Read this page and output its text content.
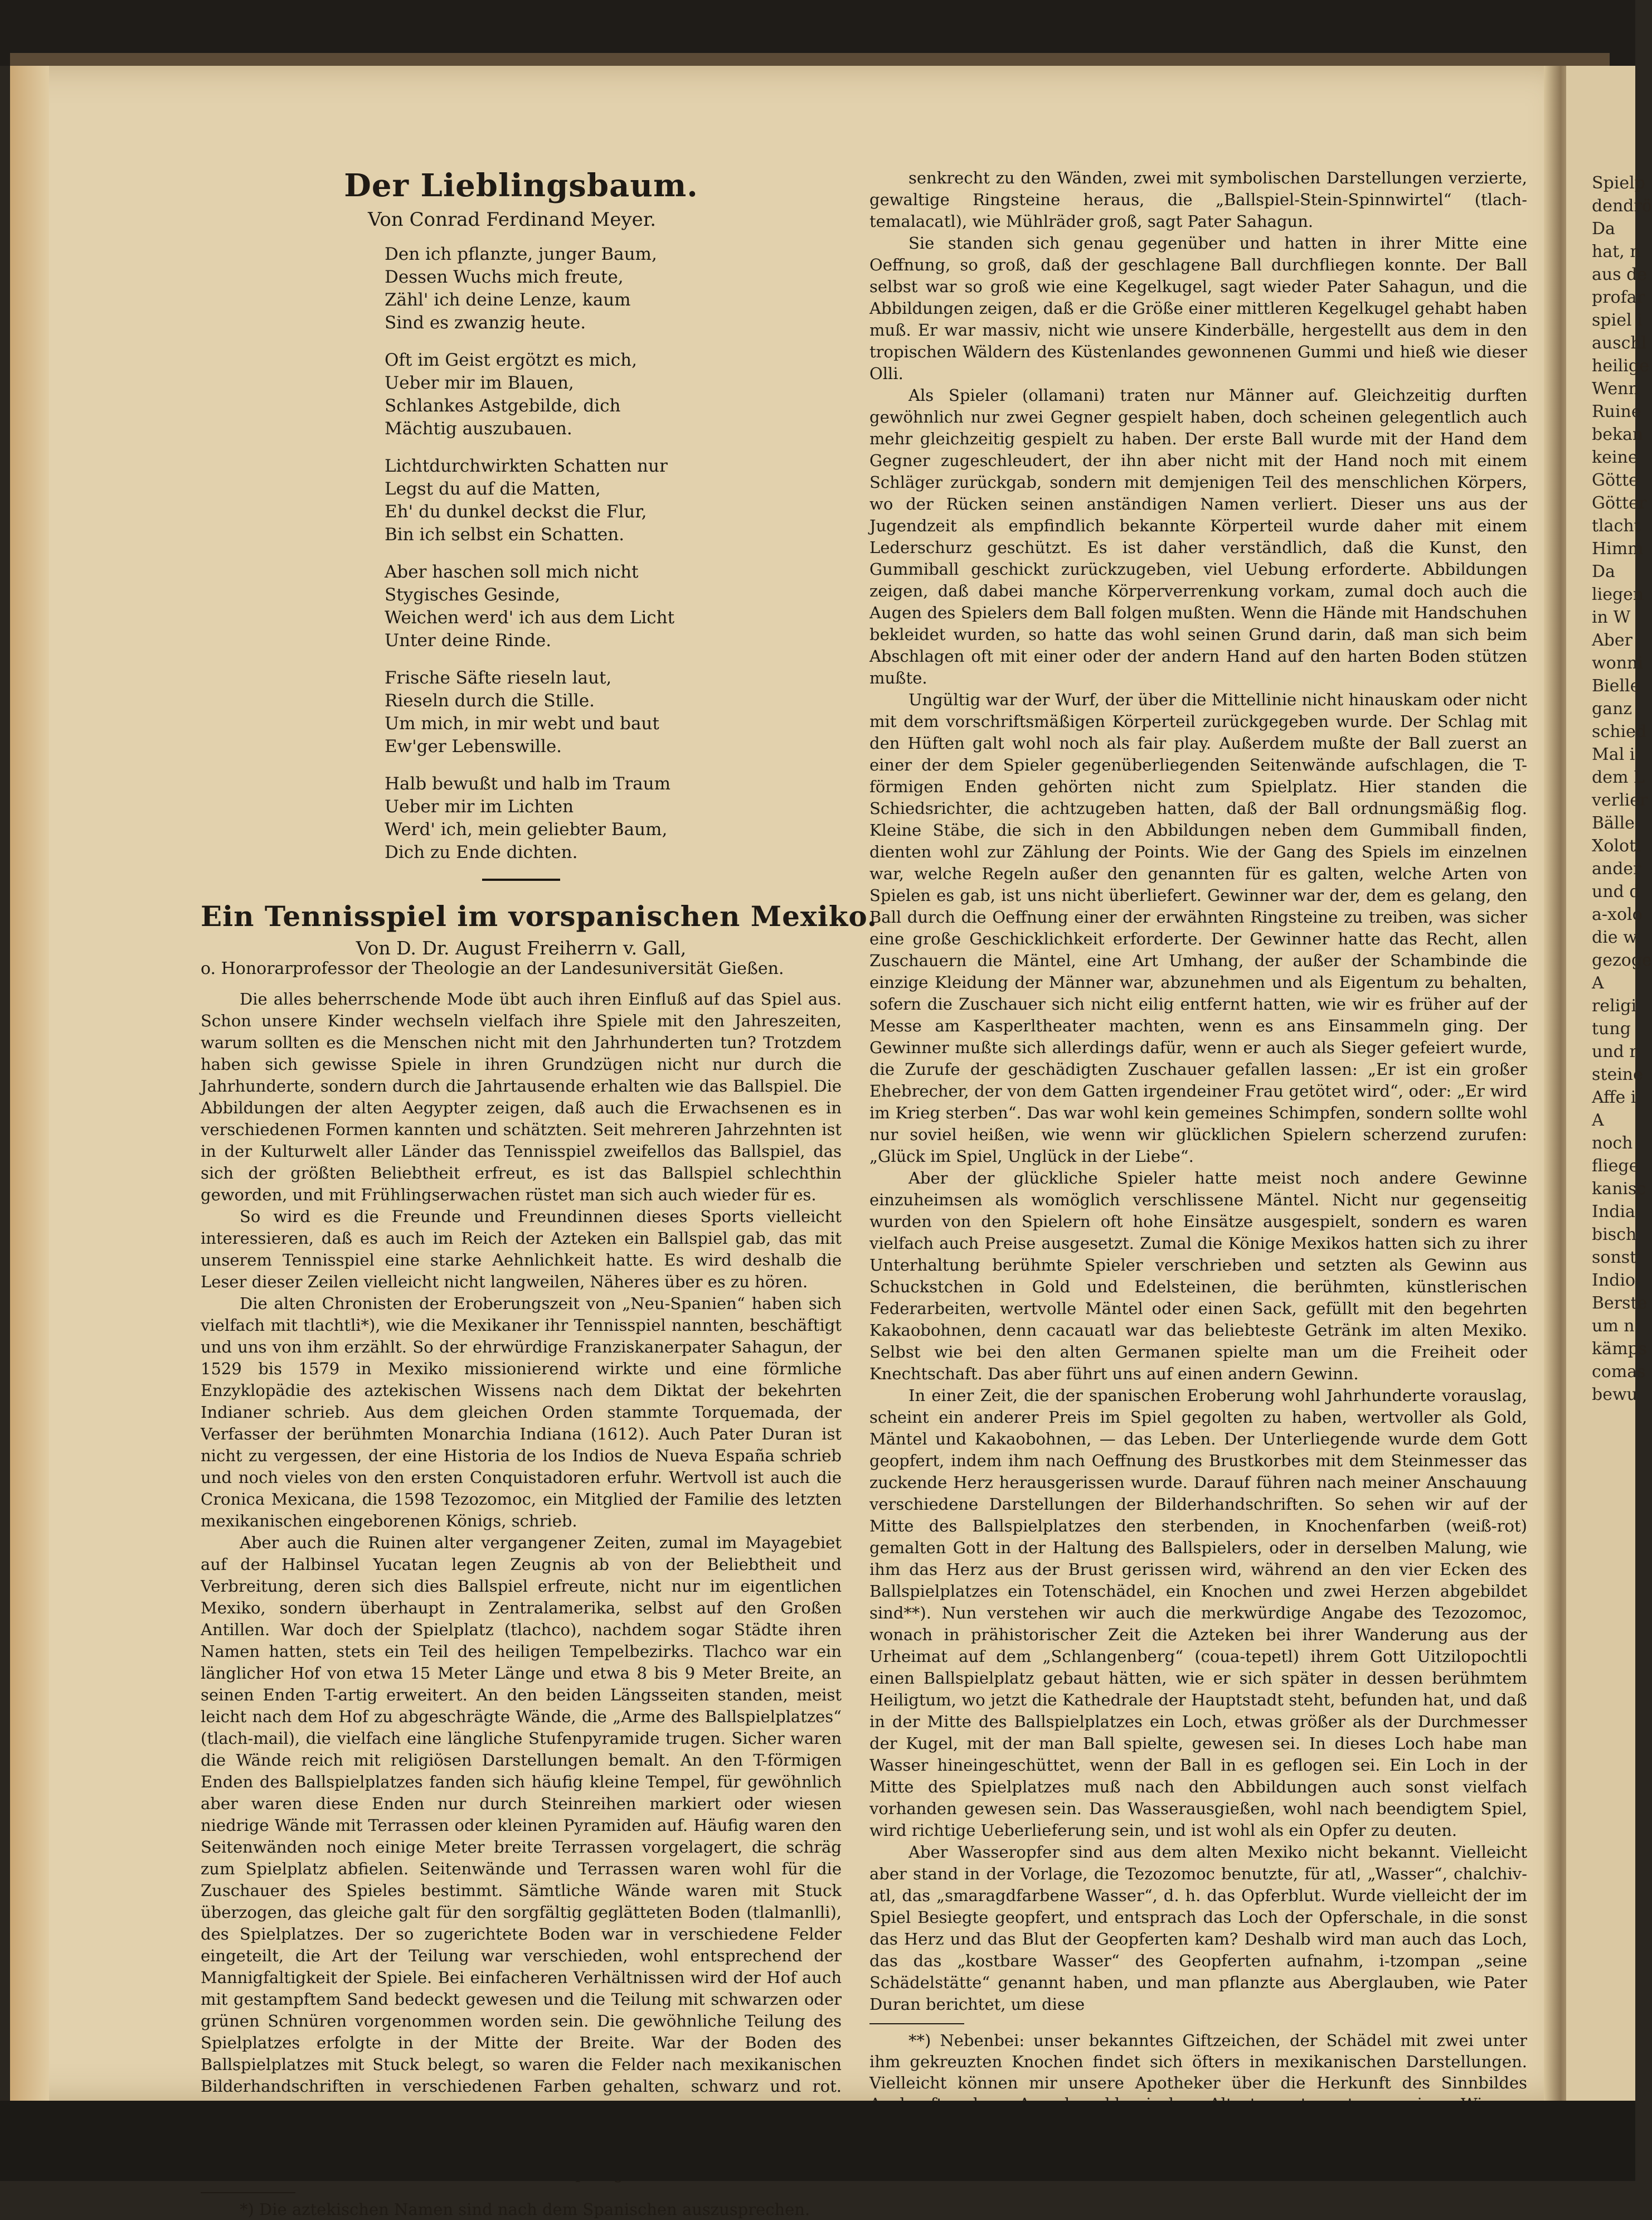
Spielp
dendrö
Da
hat, n
aus de
profar
spiel i
auschl
heilige
Wenn
Ruine
bekan
keine
Götte
Götter
tlacht
Himm
Da
liegen
in W
Aber
wonni
Bielle
ganz
schied
Mal i
dem L
verlier
Bälle
Xolotl
ander
und d
a-xolo
die w
gezoge
A
religi
tung
und r
steine
Affe i
A
noch
fliege
kanisc
India
bisch
sonst
Indio
Berste
um n
kämps
comas
bewu
Der Lieblingsbaum.
Von Conrad Ferdinand Meyer.
Den ich pflanzte, junger Baum,
Dessen Wuchs mich freute,
Zähl' ich deine Lenze, kaum
Sind es zwanzig heute.
Oft im Geist ergötzt es mich,
Ueber mir im Blauen,
Schlankes Astgebilde, dich
Mächtig auszubauen.
Lichtdurchwirkten Schatten nur
Legst du auf die Matten,
Eh' du dunkel deckst die Flur,
Bin ich selbst ein Schatten.
Aber haschen soll mich nicht
Stygisches Gesinde,
Weichen werd' ich aus dem Licht
Unter deine Rinde.
Frische Säfte rieseln laut,
Rieseln durch die Stille.
Um mich, in mir webt und baut
Ew'ger Lebenswille.
Halb bewußt und halb im Traum
Ueber mir im Lichten
Werd' ich, mein geliebter Baum,
Dich zu Ende dichten.
Ein Tennisspiel im vorspanischen Mexiko.
Von D. Dr. August Freiherrn v. Gall,
o. Honorarprofessor der Theologie an der Landesuniversität Gießen.

Die alles beherrschende Mode übt auch ihren Einfluß auf das Spiel aus. Schon unsere Kinder wechseln vielfach ihre Spiele mit den Jahreszeiten, warum sollten es die Menschen nicht mit den Jahrhunderten tun? Trotzdem haben sich gewisse Spiele in ihren Grundzügen nicht nur durch die Jahrhunderte, sondern durch die Jahrtausende erhalten wie das Ballspiel. Die Abbildungen der alten Aegypter zeigen, daß auch die Erwachsenen es in verschiedenen Formen kannten und schätzten. Seit mehreren Jahrzehnten ist in der Kulturwelt aller Länder das Tennisspiel zweifellos das Ballspiel, das sich der größten Beliebtheit erfreut, es ist das Ballspiel schlechthin geworden, und mit Frühlingserwachen rüstet man sich auch wieder für es.

So wird es die Freunde und Freundinnen dieses Sports vielleicht interessieren, daß es auch im Reich der Azteken ein Ballspiel gab, das mit unserem Tennisspiel eine starke Aehnlichkeit hatte. Es wird deshalb die Leser dieser Zeilen vielleicht nicht langweilen, Näheres über es zu hören.

Die alten Chronisten der Eroberungszeit von „Neu-Spanien“ haben sich vielfach mit tlachtli*), wie die Mexikaner ihr Tennisspiel nannten, beschäftigt und uns von ihm erzählt. So der ehrwürdige Franziskanerpater Sahagun, der 1529 bis 1579 in Mexiko missionierend wirkte und eine förmliche Enzyklopädie des aztekischen Wissens nach dem Diktat der bekehrten Indianer schrieb. Aus dem gleichen Orden stammte Torquemada, der Verfasser der berühmten Monarchia Indiana (1612). Auch Pater Duran ist nicht zu vergessen, der eine Historia de los Indios de Nueva España schrieb und noch vieles von den ersten Conquistadoren erfuhr. Wertvoll ist auch die Cronica Mexicana, die 1598 Tezozomoc, ein Mitglied der Familie des letzten mexikanischen eingeborenen Königs, schrieb.

Aber auch die Ruinen alter vergangener Zeiten, zumal im Mayagebiet auf der Halbinsel Yucatan legen Zeugnis ab von der Beliebtheit und Verbreitung, deren sich dies Ballspiel erfreute, nicht nur im eigentlichen Mexiko, sondern überhaupt in Zentralamerika, selbst auf den Großen Antillen. War doch der Spielplatz (tlachco), nachdem sogar Städte ihren Namen hatten, stets ein Teil des heiligen Tempelbezirks. Tlachco war ein länglicher Hof von etwa 15 Meter Länge und etwa 8 bis 9 Meter Breite, an seinen Enden T-artig erweitert. An den beiden Längsseiten standen, meist leicht nach dem Hof zu abgeschrägte Wände, die „Arme des Ballspielplatzes“ (tlach-mail), die vielfach eine längliche Stufenpyramide trugen. Sicher waren die Wände reich mit religiösen Darstellungen bemalt. An den T-förmigen Enden des Ballspielplatzes fanden sich häufig kleine Tempel, für gewöhnlich aber waren diese Enden nur durch Steinreihen markiert oder wiesen niedrige Wände mit Terrassen oder kleinen Pyramiden auf. Häufig waren den Seitenwänden noch einige Meter breite Terrassen vorgelagert, die schräg zum Spielplatz abfielen. Seitenwände und Terrassen waren wohl für die Zuschauer des Spieles bestimmt. Sämtliche Wände waren mit Stuck überzogen, das gleiche galt für den sorgfältig geglätteten Boden (tlalmanlli), des Spielplatzes. Der so zugerichtete Boden war in verschiedene Felder eingeteilt, die Art der Teilung war verschieden, wohl entsprechend der Mannigfaltigkeit der Spiele. Bei einfacheren Verhältnissen wird der Hof auch mit gestampftem Sand bedeckt gewesen und die Teilung mit schwarzen oder grünen Schnüren vorgenommen worden sein. Die gewöhnliche Teilung des Spielplatzes erfolgte in der Mitte der Breite. War der Boden des Ballspielplatzes mit Stuck belegt, so waren die Felder nach mexikanischen Bilderhandschriften in verschiedenen Farben gehalten, schwarz und rot.

*) Die aztekischen Namen sind nach dem Spanischen auszusprechen.

senkrecht zu den Wänden, zwei mit symbolischen Darstellungen verzierte, gewaltige Ringsteine heraus, die „Ballspiel-Stein-Spinnwirtel“ (tlach-temalacatl), wie Mühlräder groß, sagt Pater Sahagun.

Sie standen sich genau gegenüber und hatten in ihrer Mitte eine Oeffnung, so groß, daß der geschlagene Ball durchfliegen konnte. Der Ball selbst war so groß wie eine Kegelkugel, sagt wieder Pater Sahagun, und die Abbildungen zeigen, daß er die Größe einer mittleren Kegelkugel gehabt haben muß. Er war massiv, nicht wie unsere Kinderbälle, hergestellt aus dem in den tropischen Wäldern des Küstenlandes gewonnenen Gummi und hieß wie dieser Olli.

Als Spieler (ollamani) traten nur Männer auf. Gleichzeitig durften gewöhnlich nur zwei Gegner gespielt haben, doch scheinen gelegentlich auch mehr gleichzeitig gespielt zu haben. Der erste Ball wurde mit der Hand dem Gegner zugeschleudert, der ihn aber nicht mit der Hand noch mit einem Schläger zurückgab, sondern mit demjenigen Teil des menschlichen Körpers, wo der Rücken seinen anständigen Namen verliert. Dieser uns aus der Jugendzeit als empfindlich bekannte Körperteil wurde daher mit einem Lederschurz geschützt. Es ist daher verständlich, daß die Kunst, den Gummiball geschickt zurückzugeben, viel Uebung erforderte. Abbildungen zeigen, daß dabei manche Körperverrenkung vorkam, zumal doch auch die Augen des Spielers dem Ball folgen mußten. Wenn die Hände mit Handschuhen bekleidet wurden, so hatte das wohl seinen Grund darin, daß man sich beim Abschlagen oft mit einer oder der andern Hand auf den harten Boden stützen mußte.

Ungültig war der Wurf, der über die Mittellinie nicht hinauskam oder nicht mit dem vorschriftsmäßigen Körperteil zurückgegeben wurde. Der Schlag mit den Hüften galt wohl noch als fair play. Außerdem mußte der Ball zuerst an einer der dem Spieler gegenüberliegenden Seitenwände aufschlagen, die T-förmigen Enden gehörten nicht zum Spielplatz. Hier standen die Schiedsrichter, die achtzugeben hatten, daß der Ball ordnungsmäßig flog. Kleine Stäbe, die sich in den Abbildungen neben dem Gummiball finden, dienten wohl zur Zählung der Points. Wie der Gang des Spiels im einzelnen war, welche Regeln außer den genannten für es galten, welche Arten von Spielen es gab, ist uns nicht überliefert. Gewinner war der, dem es gelang, den Ball durch die Oeffnung einer der erwähnten Ringsteine zu treiben, was sicher eine große Geschicklichkeit erforderte. Der Gewinner hatte das Recht, allen Zuschauern die Mäntel, eine Art Umhang, der außer der Schambinde die einzige Kleidung der Männer war, abzunehmen und als Eigentum zu behalten, sofern die Zuschauer sich nicht eilig entfernt hatten, wie wir es früher auf der Messe am Kasperltheater machten, wenn es ans Einsammeln ging. Der Gewinner mußte sich allerdings dafür, wenn er auch als Sieger gefeiert wurde, die Zurufe der geschädigten Zuschauer gefallen lassen: „Er ist ein großer Ehebrecher, der von dem Gatten irgendeiner Frau getötet wird“, oder: „Er wird im Krieg sterben“. Das war wohl kein gemeines Schimpfen, sondern sollte wohl nur soviel heißen, wie wenn wir glücklichen Spielern scherzend zurufen: „Glück im Spiel, Unglück in der Liebe“.

Aber der glückliche Spieler hatte meist noch andere Gewinne einzuheimsen als womöglich verschlissene Mäntel. Nicht nur gegenseitig wurden von den Spielern oft hohe Einsätze ausgespielt, sondern es waren vielfach auch Preise ausgesetzt. Zumal die Könige Mexikos hatten sich zu ihrer Unterhaltung berühmte Spieler verschrieben und setzten als Gewinn aus Schuckstchen in Gold und Edelsteinen, die berühmten, künstlerischen Federarbeiten, wertvolle Mäntel oder einen Sack, gefüllt mit den begehrten Kakaobohnen, denn cacauatl war das beliebteste Getränk im alten Mexiko. Selbst wie bei den alten Germanen spielte man um die Freiheit oder Knechtschaft. Das aber führt uns auf einen andern Gewinn.

In einer Zeit, die der spanischen Eroberung wohl Jahrhunderte vorauslag, scheint ein anderer Preis im Spiel gegolten zu haben, wertvoller als Gold, Mäntel und Kakaobohnen, — das Leben. Der Unterliegende wurde dem Gott geopfert, indem ihm nach Oeffnung des Brustkorbes mit dem Steinmesser das zuckende Herz herausgerissen wurde. Darauf führen nach meiner Anschauung verschiedene Darstellungen der Bilderhandschriften. So sehen wir auf der Mitte des Ballspielplatzes den sterbenden, in Knochenfarben (weiß-rot) gemalten Gott in der Haltung des Ballspielers, oder in derselben Malung, wie ihm das Herz aus der Brust gerissen wird, während an den vier Ecken des Ballspielplatzes ein Totenschädel, ein Knochen und zwei Herzen abgebildet sind**). Nun verstehen wir auch die merkwürdige Angabe des Tezozomoc, wonach in prähistorischer Zeit die Azteken bei ihrer Wanderung aus der Urheimat auf dem „Schlangenberg“ (coua-tepetl) ihrem Gott Uitzilopochtli einen Ballspielplatz gebaut hätten, wie er sich später in dessen berühmtem Heiligtum, wo jetzt die Kathedrale der Hauptstadt steht, befunden hat, und daß in der Mitte des Ballspielplatzes ein Loch, etwas größer als der Durchmesser der Kugel, mit der man Ball spielte, gewesen sei. In dieses Loch habe man Wasser hineingeschüttet, wenn der Ball in es geflogen sei. Ein Loch in der Mitte des Spielplatzes muß nach den Abbildungen auch sonst vielfach vorhanden gewesen sein. Das Wasserausgießen, wohl nach beendigtem Spiel, wird richtige Ueberlieferung sein, und ist wohl als ein Opfer zu deuten.

Aber Wasseropfer sind aus dem alten Mexiko nicht bekannt. Vielleicht aber stand in der Vorlage, die Tezozomoc benutzte, für atl, „Wasser“, chalchiv-atl, das „smaragdfarbene Wasser“, d. h. das Opferblut. Wurde vielleicht der im Spiel Besiegte geopfert, und entsprach das Loch der Opferschale, in die sonst das Herz und das Blut der Geopferten kam? Deshalb wird man auch das Loch, das das „kostbare Wasser“ des Geopferten aufnahm, i-tzompan „seine Schädelstätte“ genannt haben, und man pflanzte aus Aberglauben, wie Pater Duran berichtet, um diese

**) Nebenbei: unser bekanntes Giftzeichen, der Schädel mit zwei unter ihm gekreuzten Knochen findet sich öfters in mexikanischen Darstellungen. Vielleicht können mir unsere Apotheker über die Herkunft des Sinnbildes
